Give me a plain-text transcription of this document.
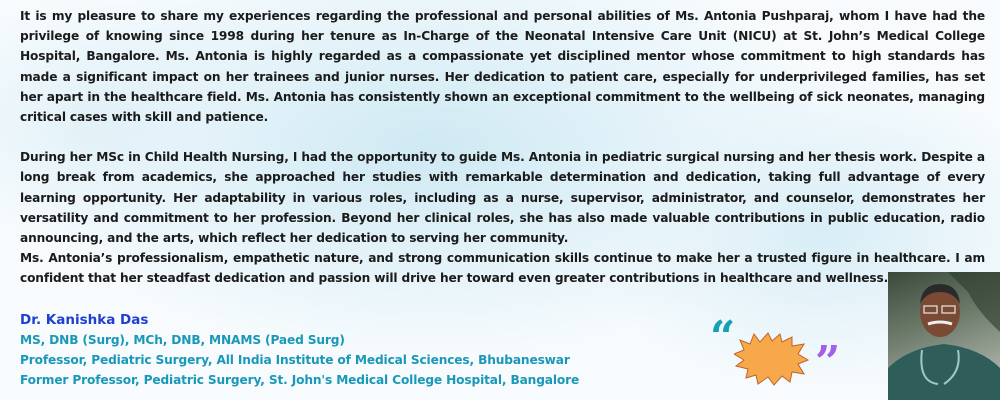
It is my pleasure to share my experiences regarding the professional and personal abilities of Ms. Antonia Pushparaj, whom I have had the privilege of knowing since 1998 during her tenure as In-Charge of the Neonatal Intensive Care Unit (NICU) at St. John’s Medical College Hospital, Bangalore. Ms. Antonia is highly regarded as a compassionate yet disciplined mentor whose commitment to high standards has made a significant impact on her trainees and junior nurses. Her dedication to patient care, especially for underprivileged families, has set her apart in the healthcare field. Ms. Antonia has consistently shown an exceptional commitment to the wellbeing of sick neonates, managing critical cases with skill and patience.

During her MSc in Child Health Nursing, I had the opportunity to guide Ms. Antonia in pediatric surgical nursing and her thesis work. Despite a long break from academics, she approached her studies with remarkable determination and dedication, taking full advantage of every learning opportunity. Her adaptability in various roles, including as a nurse, supervisor, administrator, and counselor, demonstrates her versatility and commitment to her profession. Beyond her clinical roles, she has also made valuable contributions in public education, radio announcing, and the arts, which reflect her dedication to serving her community.

Ms. Antonia’s professionalism, empathetic nature, and strong communication skills continue to make her a trusted figure in healthcare. I am confident that her steadfast dedication and passion will drive her toward even greater contributions in healthcare and wellness.

Dr. Kanishka Das
MS, DNB (Surg), MCh, DNB, MNAMS (Paed Surg)
Professor, Pediatric Surgery, All India Institute of Medical Sciences, Bhubaneswar
Former Professor, Pediatric Surgery, St. John's Medical College Hospital, Bangalore
“ ”
